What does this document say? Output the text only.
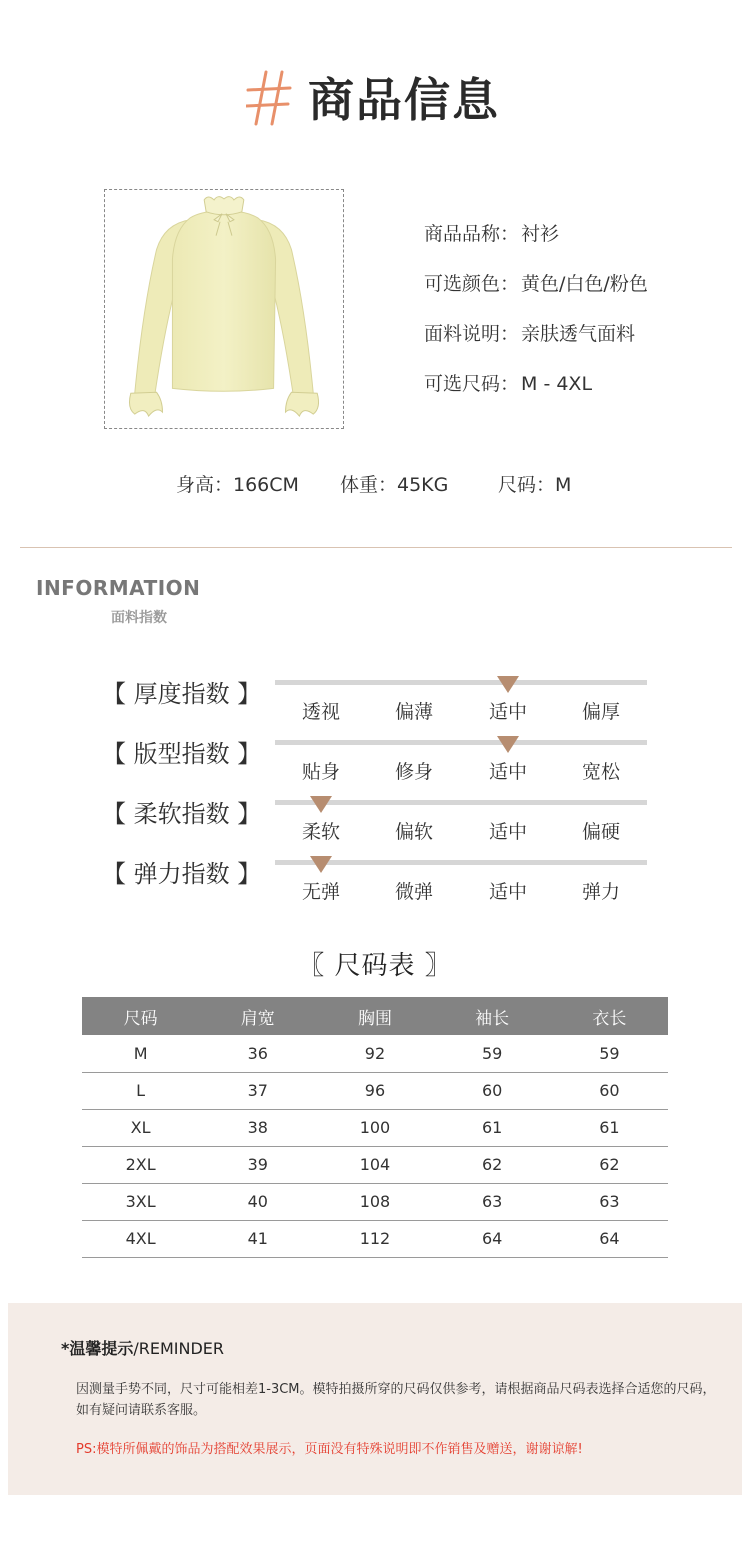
商品信息
商品品称： 衬衫
可选颜色： 黄色/白色/粉色
面料说明： 亲肤透气面料
可选尺码： M - 4XL
身高：166CM 体重：45KG	尺码：M
INFORMATION
面料指数
【 厚度指数 】
透视	偏薄	适中	偏厚
【 版型指数 】
贴身	修身	适中	宽松
【 柔软指数 】
柔软	偏软	适中	偏硬
【 弹力指数 】
无弹	微弹	适中	弹力
〖 尺码表 〗
尺码	肩宽	胸围	袖长	衣长
M	36	92	59	59
L	37	96	60	60
XL	38	100	61	61
2XL	39	104	62	62
3XL	40	108	63	63
4XL	41	112	64	64
*温馨提示/REMINDER
因测量手势不同，尺寸可能相差1-3CM。模特拍摄所穿的尺码仅供参考，请根据商品尺码表选择合适您的尺码，如有疑问请联系客服。
PS:模特所佩戴的饰品为搭配效果展示，页面没有特殊说明即不作销售及赠送，谢谢谅解!
